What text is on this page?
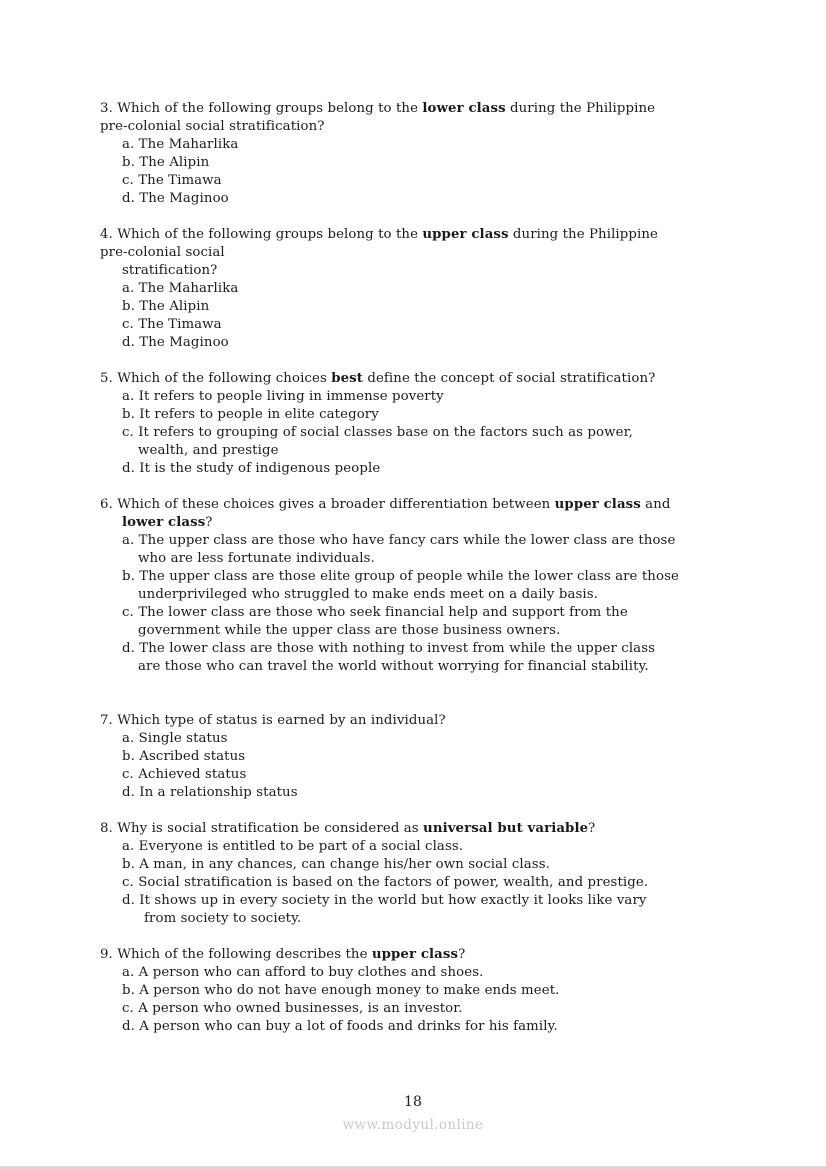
3. Which of the following groups belong to the lower class during the Philippine
pre-colonial social stratification?
a. The Maharlika
b. The Alipin
c. The Timawa
d. The Maginoo
4. Which of the following groups belong to the upper class during the Philippine
pre-colonial social
stratification?
a. The Maharlika
b. The Alipin
c. The Timawa
d. The Maginoo
5. Which of the following choices best define the concept of social stratification?
a. It refers to people living in immense poverty
b. It refers to people in elite category
c. It refers to grouping of social classes base on the factors such as power,
wealth, and prestige
d. It is the study of indigenous people
6. Which of these choices gives a broader differentiation between upper class and
lower class?
a. The upper class are those who have fancy cars while the lower class are those
who are less fortunate individuals.
b. The upper class are those elite group of people while the lower class are those
underprivileged who struggled to make ends meet on a daily basis.
c. The lower class are those who seek financial help and support from the
government while the upper class are those business owners.
d. The lower class are those with nothing to invest from while the upper class
are those who can travel the world without worrying for financial stability.
7. Which type of status is earned by an individual?
a. Single status
b. Ascribed status
c. Achieved status
d. In a relationship status
8. Why is social stratification be considered as universal but variable?
a. Everyone is entitled to be part of a social class.
b. A man, in any chances, can change his/her own social class.
c. Social stratification is based on the factors of power, wealth, and prestige.
d. It shows up in every society in the world but how exactly it looks like vary
from society to society.
9. Which of the following describes the upper class?
a. A person who can afford to buy clothes and shoes.
b. A person who do not have enough money to make ends meet.
c. A person who owned businesses, is an investor.
d. A person who can buy a lot of foods and drinks for his family.
18
www.modyul.online
